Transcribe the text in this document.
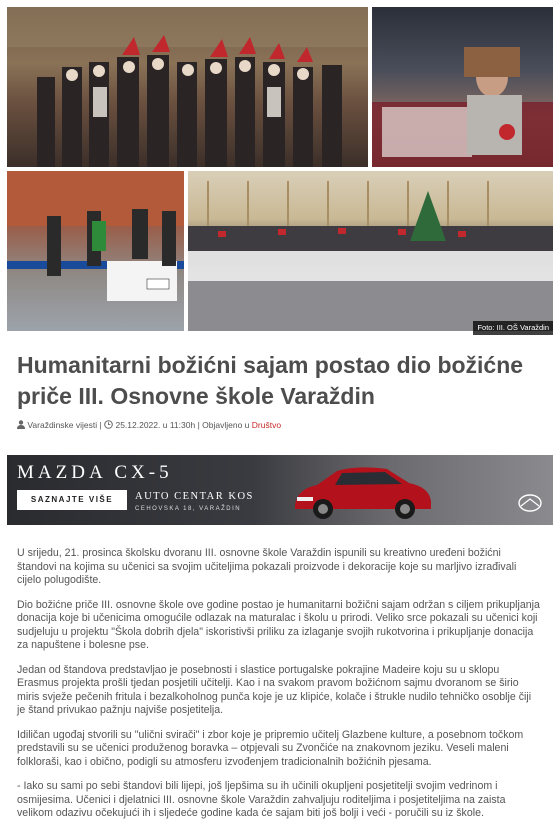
Foto: III. OŠ Varaždin
Humanitarni božićni sajam postao dio božićne priče III. Osnovne škole Varaždin
Varaždinske vijesti |  25.12.2022. u 11:30h | Objavljeno u Društvo
MAZDA CX-5
SAZNAJTE VIŠE	AUTO CENTAR KOS
CEHOVSKA 18, VARAŽDIN

U srijedu, 21. prosinca školsku dvoranu III. osnovne škole Varaždin ispunili su kreativno uređeni božićni štandovi na kojima su učenici sa svojim učiteljima pokazali proizvode i dekoracije koje su marljivo izrađivali cijelo polugodište.

Dio božićne priče III. osnovne škole ove godine postao je humanitarni božični sajam održan s ciljem prikupljanja donacija koje bi učenicima omogućile odlazak na maturalac i školu u prirodi. Veliko srce pokazali su učenici koji sudjeluju u projektu "Škola dobrih djela" iskoristivši priliku za izlaganje svojih rukotvorina i prikupljanje donacija za napuštene i bolesne pse.

Jedan od štandova predstavljao je posebnosti i slastice portugalske pokrajine Madeire koju su u sklopu Erasmus projekta prošli tjedan posjetili učitelji. Kao i na svakom pravom božićnom sajmu dvoranom se širio miris svježe pečenih fritula i bezalkoholnog punča koje je uz klipiće, kolače i štrukle nudilo tehničko osoblje čiji je štand privukao pažnju najviše posjetitelja.

Idiličan ugođaj stvorili su "ulični svirači" i zbor koje je pripremio učitelj Glazbene kulture, a posebnom točkom predstavili su se učenici produženog boravka – otpjevali su Zvončiće na znakovnom jeziku. Veseli maleni folkloraši, kao i obično, podigli su atmosferu izvođenjem tradicionalnih božićnih pjesama.

- Iako su sami po sebi štandovi bili lijepi, još ljepšima su ih učinili okupljeni posjetitelji svojim vedrinom i osmijesima. Učenici i djelatnici III. osnovne škole Varaždin zahvaljuju roditeljima i posjetiteljima na zaista velikom odazivu očekujući ih i sljedeće godine kada će sajam biti još bolji i veći - poručili su iz škole.
